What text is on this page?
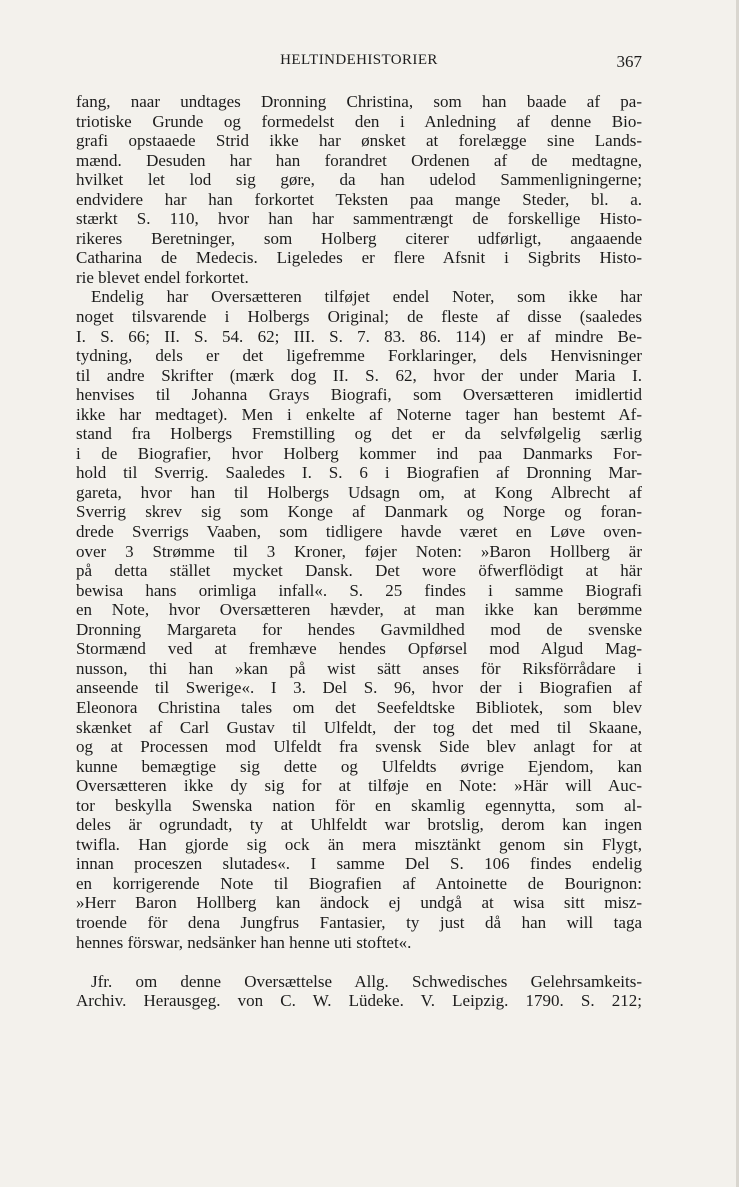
HELTINDEHISTORIER	367
fang, naar undtages Dronning Christina, som han baade af pa-
triotiske Grunde og formedelst den i Anledning af denne Bio-
grafi opstaaede Strid ikke har ønsket at forelægge sine Lands-
mænd. Desuden har han forandret Ordenen af de medtagne,
hvilket let lod sig gøre, da han udelod Sammenligningerne;
endvidere har han forkortet Teksten paa mange Steder, bl. a.
stærkt S. 110, hvor han har sammentrængt de forskellige Histo-
rikeres Beretninger, som Holberg citerer udførligt, angaaende
Catharina de Medecis. Ligeledes er flere Afsnit i Sigbrits Histo-
rie blevet endel forkortet.
Endelig har Oversætteren tilføjet endel Noter, som ikke har
noget tilsvarende i Holbergs Original; de fleste af disse (saaledes
I. S. 66; II. S. 54. 62; III. S. 7. 83. 86. 114) er af mindre Be-
tydning, dels er det ligefremme Forklaringer, dels Henvisninger
til andre Skrifter (mærk dog II. S. 62, hvor der under Maria I.
henvises til Johanna Grays Biografi, som Oversætteren imidlertid
ikke har medtaget). Men i enkelte af Noterne tager han bestemt Af-
stand fra Holbergs Fremstilling og det er da selvfølgelig særlig
i de Biografier, hvor Holberg kommer ind paa Danmarks For-
hold til Sverrig. Saaledes I. S. 6 i Biografien af Dronning Mar-
gareta, hvor han til Holbergs Udsagn om, at Kong Albrecht af
Sverrig skrev sig som Konge af Danmark og Norge og foran-
drede Sverrigs Vaaben, som tidligere havde været en Løve oven-
over 3 Strømme til 3 Kroner, føjer Noten: »Baron Hollberg är
på detta stället mycket Dansk. Det wore öfwerflödigt at här
bewisa hans orimliga infall«. S. 25 findes i samme Biografi
en Note, hvor Oversætteren hævder, at man ikke kan berømme
Dronning Margareta for hendes Gavmildhed mod de svenske
Stormænd ved at fremhæve hendes Opførsel mod Algud Mag-
nusson, thi han »kan på wist sätt anses för Riksförrådare i
anseende til Swerige«. I 3. Del S. 96, hvor der i Biografien af
Eleonora Christina tales om det Seefeldtske Bibliotek, som blev
skænket af Carl Gustav til Ulfeldt, der tog det med til Skaane,
og at Processen mod Ulfeldt fra svensk Side blev anlagt for at
kunne bemægtige sig dette og Ulfeldts øvrige Ejendom, kan
Oversætteren ikke dy sig for at tilføje en Note: »Här will Auc-
tor beskylla Swenska nation för en skamlig egennytta, som al-
deles är ogrundadt, ty at Uhlfeldt war brotslig, derom kan ingen
twifla. Han gjorde sig ock än mera misztänkt genom sin Flygt,
innan proceszen slutades«. I samme Del S. 106 findes endelig
en korrigerende Note til Biografien af Antoinette de Bourignon:
»Herr Baron Hollberg kan ändock ej undgå at wisa sitt misz-
troende för dena Jungfrus Fantasier, ty just då han will taga
hennes förswar, nedsänker han henne uti stoftet«.
Jfr. om denne Oversættelse Allg. Schwedisches Gelehrsamkeits-
Archiv. Herausgeg. von C. W. Lüdeke. V. Leipzig. 1790. S. 212;
